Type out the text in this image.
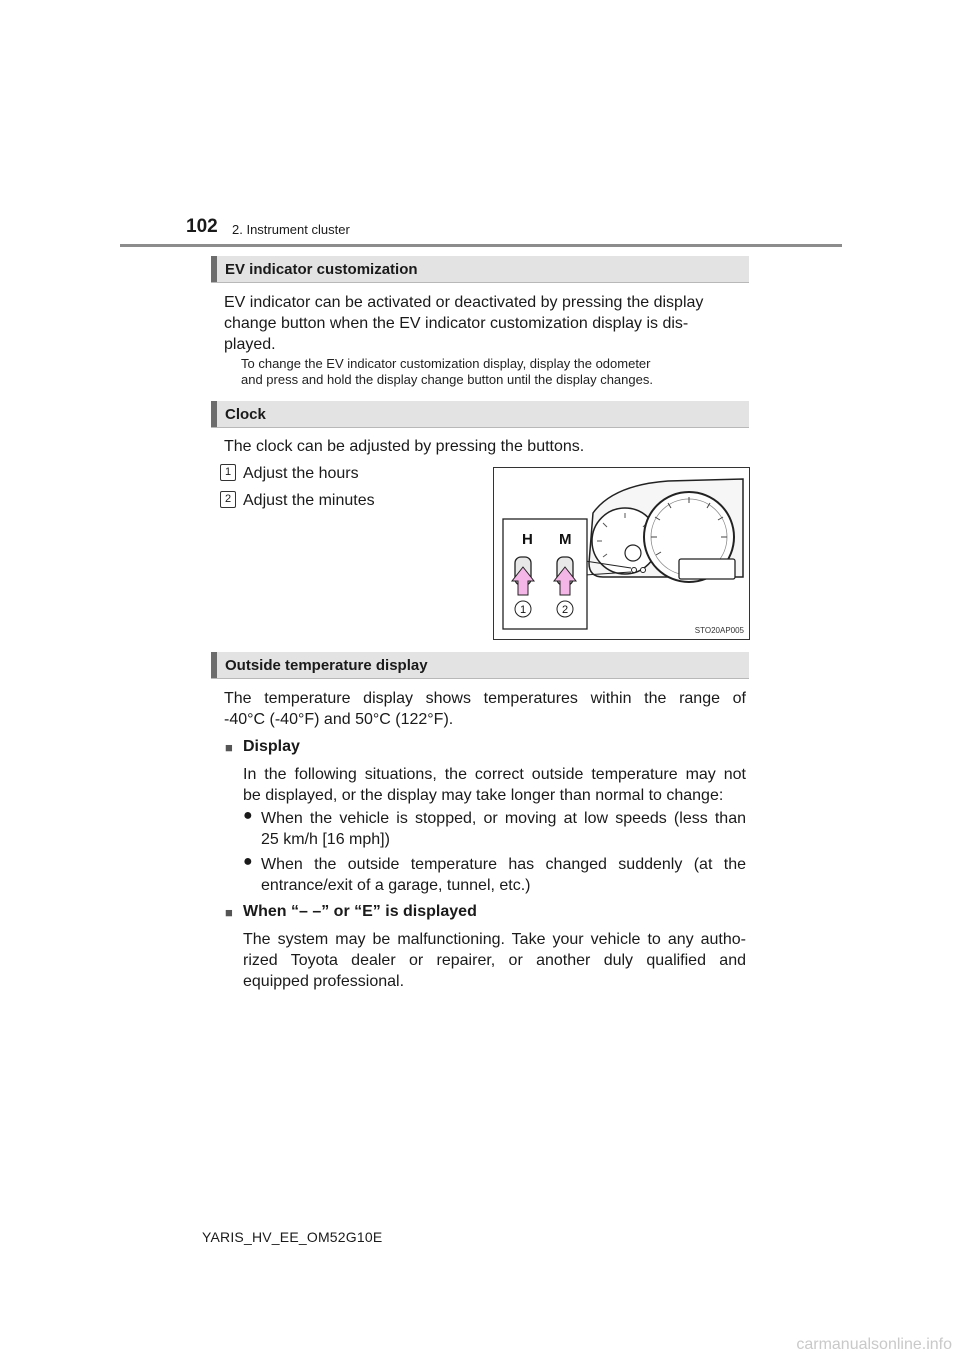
102 2. Instrument cluster
EV indicator customization
EV indicator can be activated or deactivated by pressing the display
change button when the EV indicator customization display is dis-
played.
To change the EV indicator customization display, display the odometer
and press and hold the display change button until the display changes.
Clock
The clock can be adjusted by pressing the buttons.
1 Adjust the hours
2 Adjust the minutes
H M
1	2
STO20AP005
Outside temperature display
The temperature display shows temperatures within the range of
-40°C (-40°F) and 50°C (122°F).
■ Display
In the following situations, the correct outside temperature may not
be displayed, or the display may take longer than normal to change:
● When the vehicle is stopped, or moving at low speeds (less than
25 km/h [16 mph])
● When the outside temperature has changed suddenly (at the
entrance/exit of a garage, tunnel, etc.)
■ When “– –” or “E” is displayed
The system may be malfunctioning. Take your vehicle to any autho-
rized Toyota dealer or repairer, or another duly qualified and
equipped professional.
YARIS_HV_EE_OM52G10E
carmanualsonline.info
